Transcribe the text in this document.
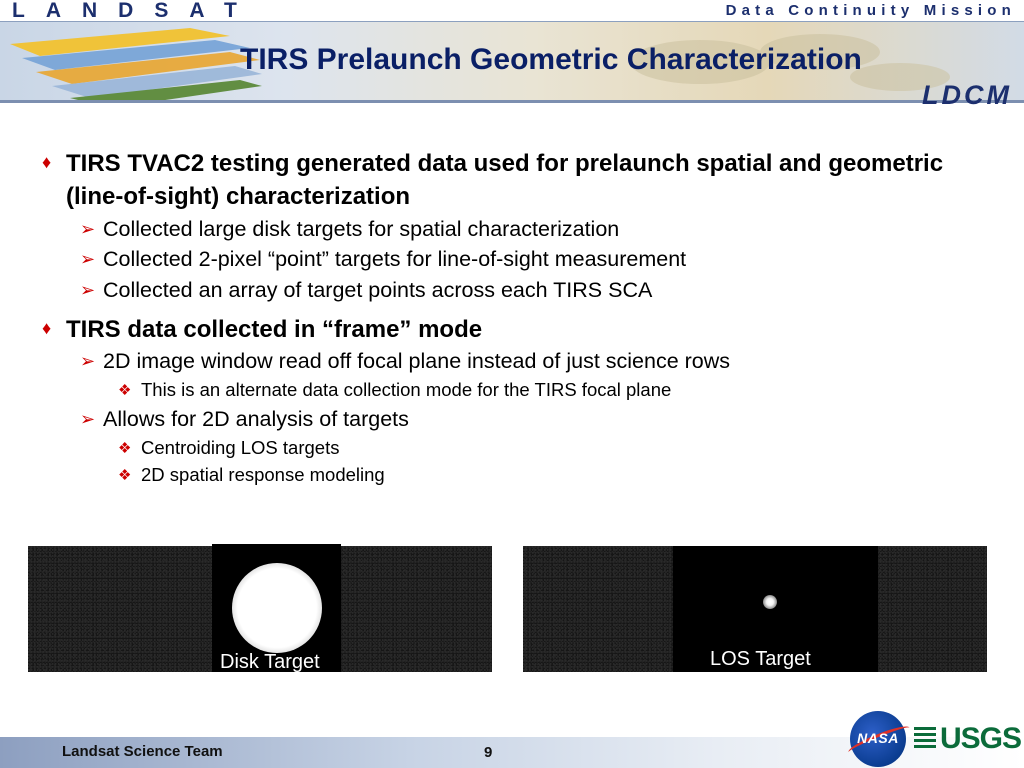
LANDSAT	Data Continuity Mission
LDCM
TIRS Prelaunch Geometric Characterization
♦ TIRS TVAC2 testing generated data used for prelaunch spatial and geometric (line-of-sight) characterization
➢ Collected large disk targets for spatial characterization
➢ Collected 2-pixel “point” targets for line-of-sight measurement
➢ Collected an array of target points across each TIRS SCA
♦ TIRS data collected in “frame” mode
➢ 2D image window read off focal plane instead of just science rows
❖ This is an alternate data collection mode for the TIRS focal plane
➢ Allows for 2D analysis of targets
❖ Centroiding LOS targets
❖ 2D spatial response modeling
Disk Target	LOS Target
Landsat Science Team	9
NASA USGS
